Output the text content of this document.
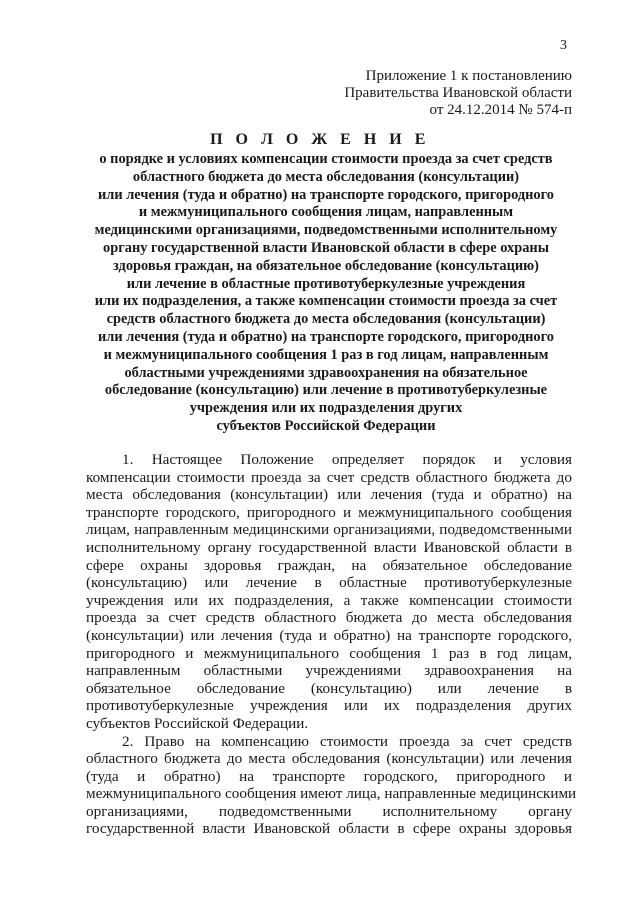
3
Приложение 1 к постановлению
Правительства Ивановской области
от 24.12.2014 № 574-п
П О Л О Ж Е Н И Е
о порядке и условиях компенсации стоимости проезда за счет средств
областного бюджета до места обследования (консультации)
или лечения (туда и обратно) на транспорте городского, пригородного
и межмуниципального сообщения лицам, направленным
медицинскими организациями, подведомственными исполнительному
органу государственной власти Ивановской области в сфере охраны
здоровья граждан, на обязательное обследование (консультацию)
или лечение в областные противотуберкулезные учреждения
или их подразделения, а также компенсации стоимости проезда за счет
средств областного бюджета до места обследования (консультации)
или лечения (туда и обратно) на транспорте городского, пригородного
и межмуниципального сообщения 1 раз в год лицам, направленным
областными учреждениями здравоохранения на обязательное
обследование (консультацию) или лечение в противотуберкулезные
учреждения или их подразделения других
субъектов Российской Федерации
1.   Настоящее   Положение   определяет   порядок   и   условия
компенсации стоимости проезда за счет средств областного бюджета до
места обследования (консультации) или лечения (туда и обратно) на
транспорте городского, пригородного и межмуниципального сообщения
лицам, направленным медицинскими организациями, подведомственными
исполнительному органу государственной власти Ивановской области в
сфере охраны здоровья граждан, на обязательное обследование
(консультацию) или лечение в областные противотуберкулезные
учреждения или их подразделения, а также компенсации стоимости
проезда за счет средств областного бюджета до места обследования
(консультации) или лечения (туда и обратно) на транспорте городского,
пригородного и межмуниципального сообщения 1 раз в год лицам,
направленным областными учреждениями здравоохранения на
обязательное обследование (консультацию) или лечение в
противотуберкулезные учреждения или их подразделения других
субъектов Российской Федерации.
2. Право на компенсацию стоимости проезда за счет средств
областного бюджета до места обследования (консультации) или лечения
(туда и обратно) на транспорте городского, пригородного и
межмуниципального сообщения имеют лица, направленные медицинскими
организациями, подведомственными исполнительному органу
государственной власти Ивановской области в сфере охраны здоровья
